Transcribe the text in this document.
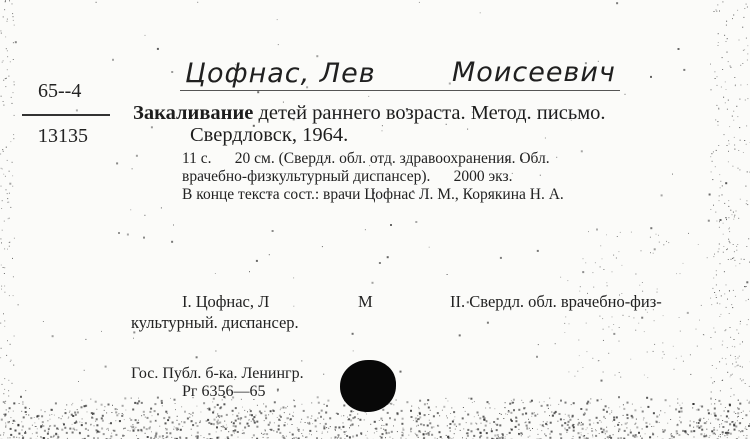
Цофнас, Лев	Моисеевич
65--4
13135
Закаливание детей раннего возраста. Метод. письмо.
Свердловск, 1964.
11 с.      20 см. (Свердл. обл. отд. здравоохранения. Обл.
врачебно-физкультурный диспансер).      2000 экз.
В конце текста сост.: врачи Цофнас Л. М., Корякина Н. А.
I. Цофнас, Л	М	II. Свердл. обл. врачебно-физ-
культурный. диспансер.
Гос. Публ. б-ка. Ленингр.
Рг 6356—65
